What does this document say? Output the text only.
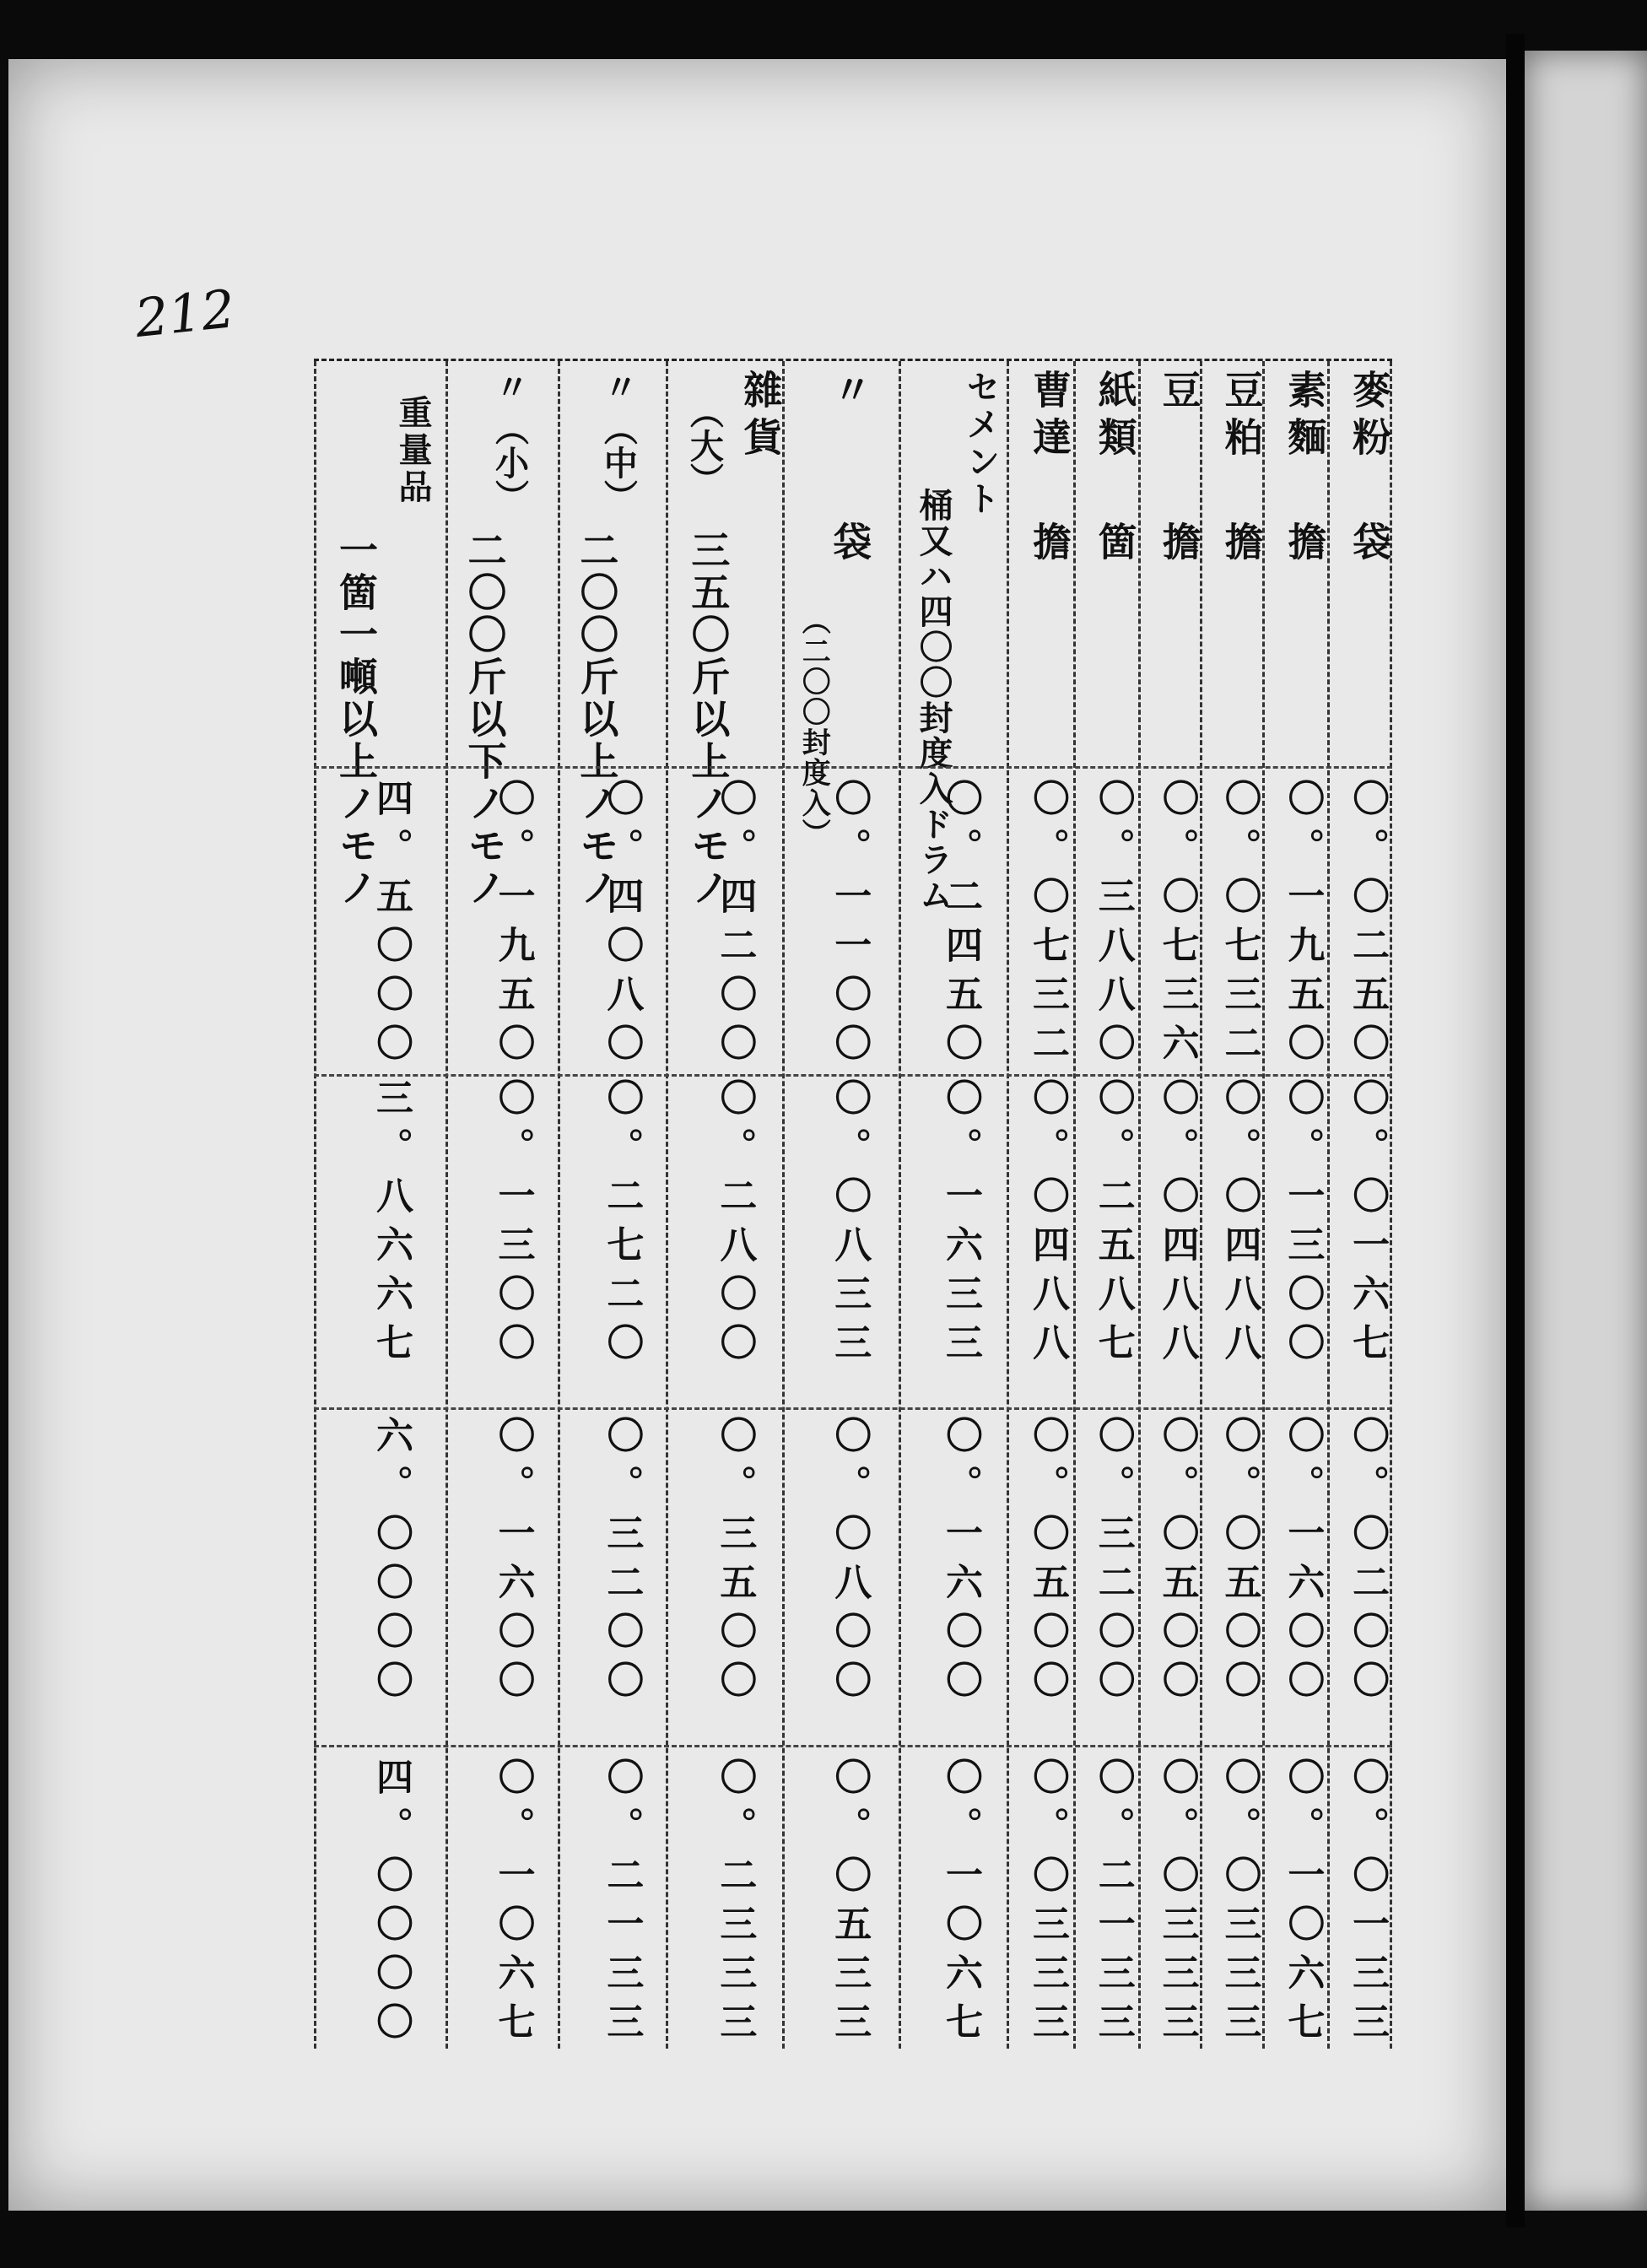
212
麥粉
袋
〇。〇二五〇
〇。〇一六七
〇。〇二〇〇
〇。〇一三三
素麵
擔
〇。一九五〇
〇。一三〇〇
〇。一六〇〇
〇。一〇六七
豆粕
擔
〇。〇七三二
〇。〇四八八
〇。〇五〇〇
〇。〇三三三
豆
擔
〇。〇七三六
〇。〇四八八
〇。〇五〇〇
〇。〇三三三
紙類
箇
〇。三八八〇
〇。二五八七
〇。三二〇〇
〇。二一三三
曹達
擔
〇。〇七三二
〇。〇四八八
〇。〇五〇〇
〇。〇三三三
セメント
桶又ハ四〇〇封度入ドラム
〇。二四五〇
〇。一六三三
〇。一六〇〇
〇。一〇六七
〃
袋
（二〇〇封度入）
〇。一一〇〇
〇。〇八三三
〇。〇八〇〇
〇。〇五三三
雜貨
（大）
三五〇斤以上ノモノ
〇。四二〇〇
〇。二八〇〇
〇。三五〇〇
〇。二三三三
〃
（中）
二〇〇斤以上ノモノ
〇。四〇八〇
〇。二七二〇
〇。三二〇〇
〇。二一三三
〃
（小）
二〇〇斤以下ノモノ
〇。一九五〇
〇。一三〇〇
〇。一六〇〇
〇。一〇六七
重量品
一箇一噸以上ノモノ
四。五〇〇〇
三。八六六七
六。〇〇〇〇
四。〇〇〇〇
